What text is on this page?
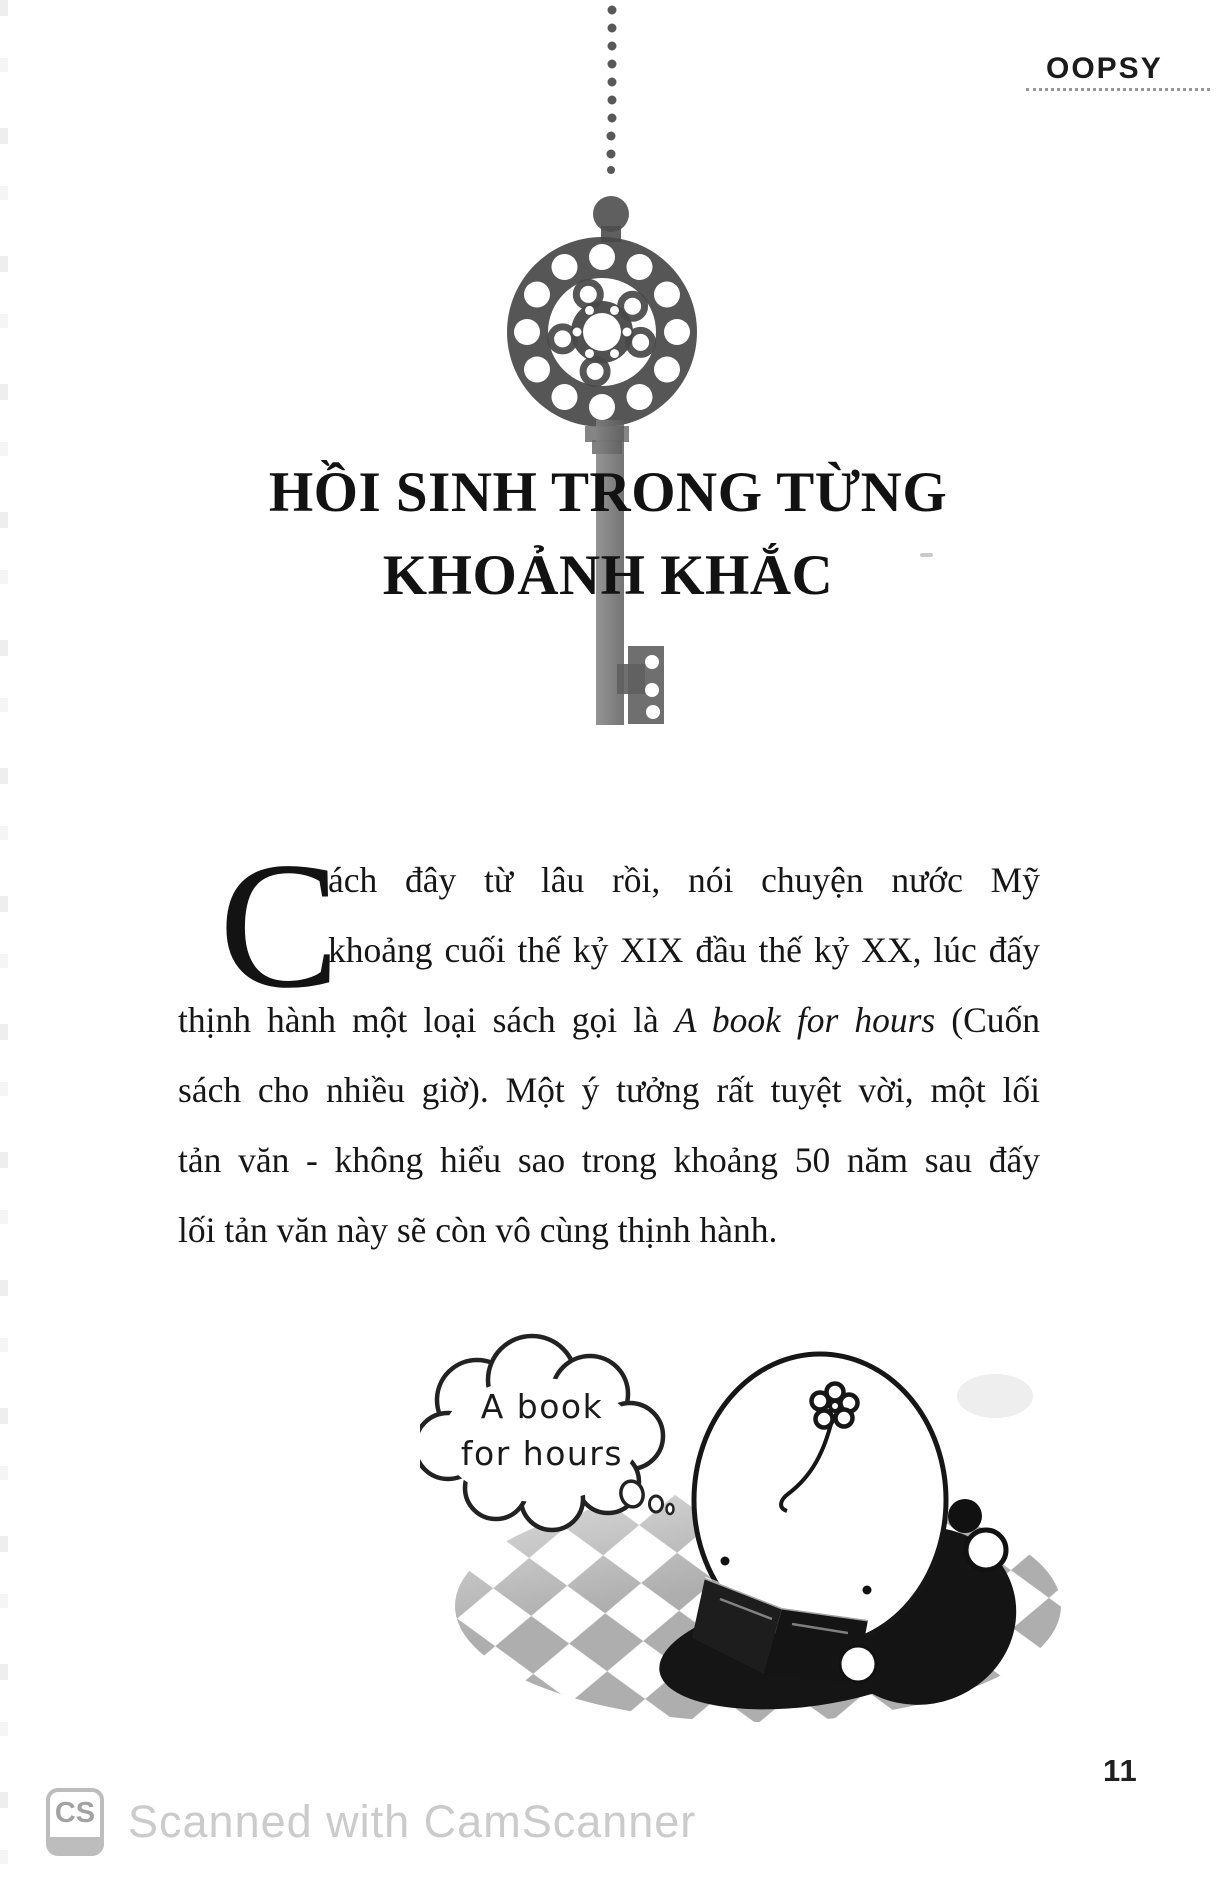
OOPSY
HỒI SINH TRONG TỪNG
KHOẢNH KHẮC
C
ách đây từ lâu rồi, nói chuyện nước Mỹ
khoảng cuối thế kỷ XIX đầu thế kỷ XX, lúc đấy
thịnh hành một loại sách gọi là A book for hours (Cuốn
sách cho nhiều giờ). Một ý tưởng rất tuyệt vời, một lối
tản văn - không hiểu sao trong khoảng 50 năm sau đấy
lối tản văn này sẽ còn vô cùng thịnh hành.
A book
for hours
11
CS Scanned with CamScanner
